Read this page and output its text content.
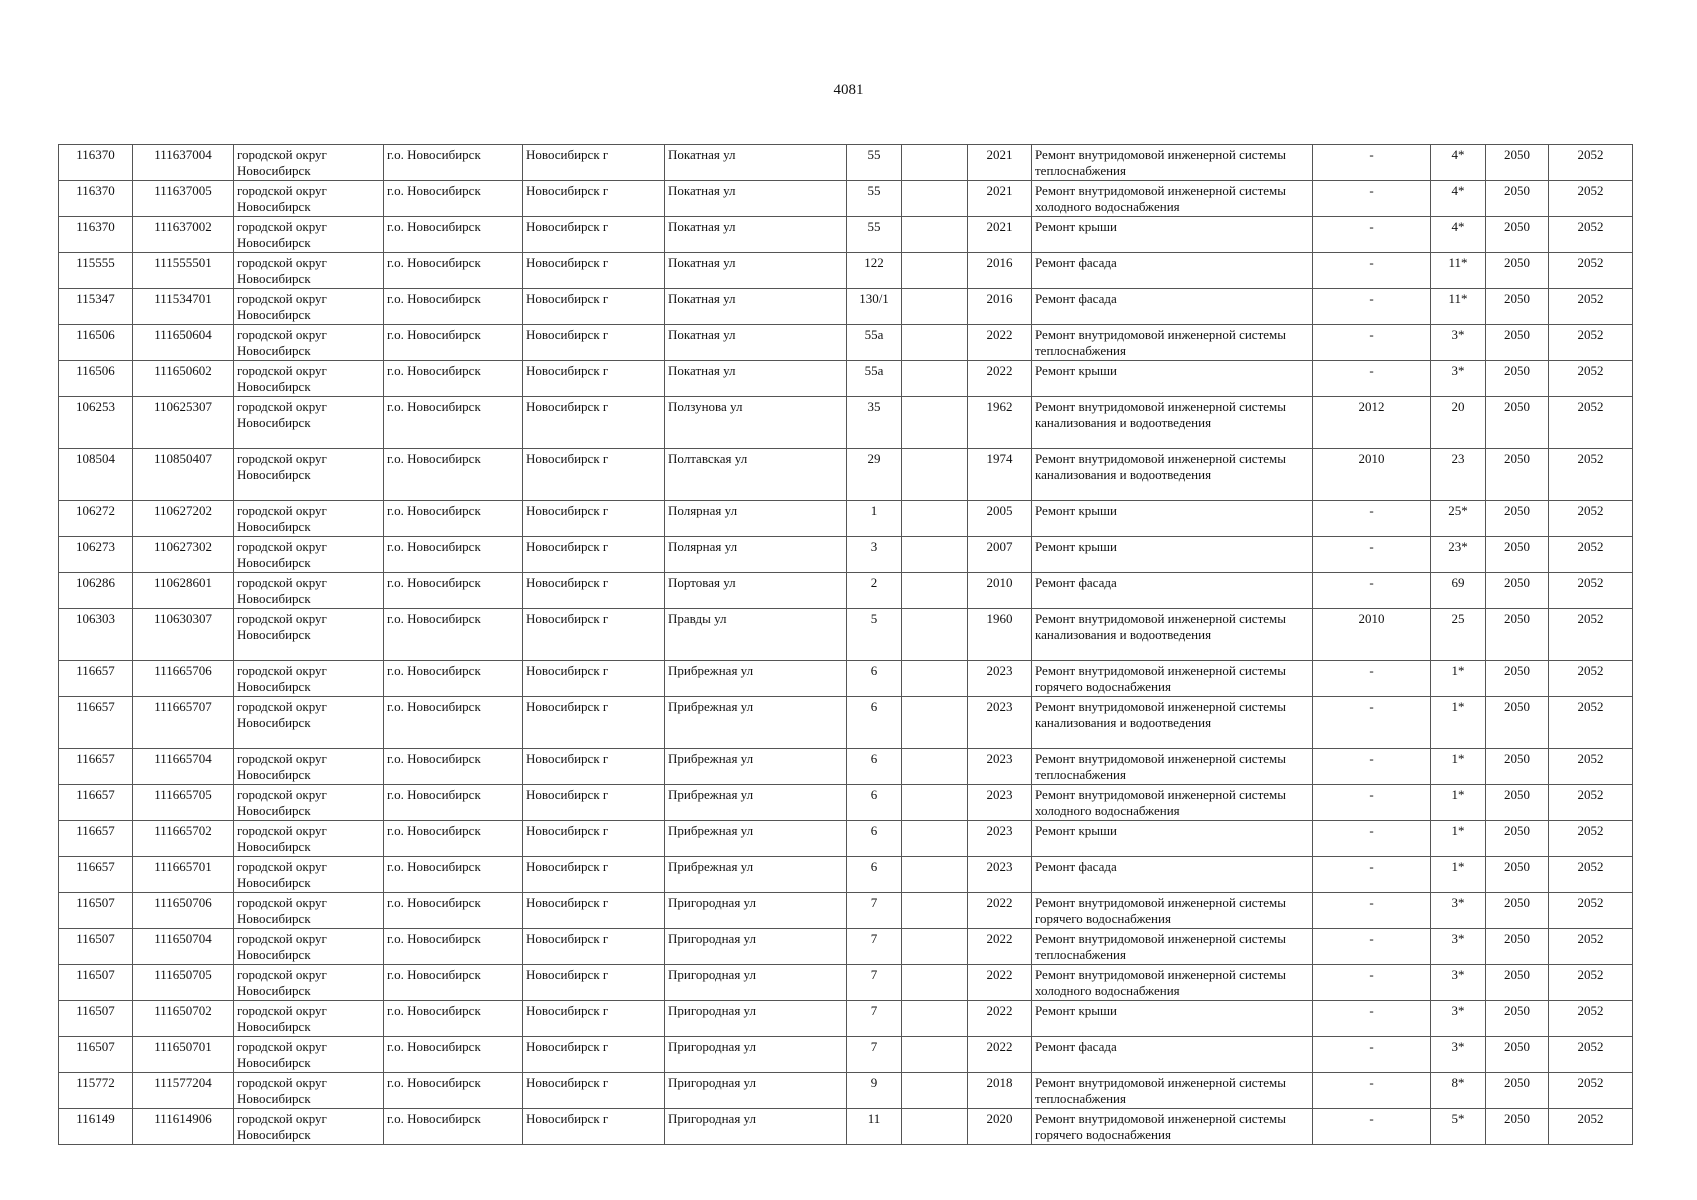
4081
116370	111637004	городской округ Новосибирск	г.о. Новосибирск	Новосибирск г	Покатная ул	55		2021	Ремонт внутридомовой инженерной системы теплоснабжения	-	4*	2050	2052
116370	111637005	городской округ Новосибирск	г.о. Новосибирск	Новосибирск г	Покатная ул	55		2021	Ремонт внутридомовой инженерной системы холодного водоснабжения	-	4*	2050	2052
116370	111637002	городской округ Новосибирск	г.о. Новосибирск	Новосибирск г	Покатная ул	55		2021	Ремонт крыши	-	4*	2050	2052
115555	111555501	городской округ Новосибирск	г.о. Новосибирск	Новосибирск г	Покатная ул	122		2016	Ремонт фасада	-	11*	2050	2052
115347	111534701	городской округ Новосибирск	г.о. Новосибирск	Новосибирск г	Покатная ул	130/1		2016	Ремонт фасада	-	11*	2050	2052
116506	111650604	городской округ Новосибирск	г.о. Новосибирск	Новосибирск г	Покатная ул	55а		2022	Ремонт внутридомовой инженерной системы теплоснабжения	-	3*	2050	2052
116506	111650602	городской округ Новосибирск	г.о. Новосибирск	Новосибирск г	Покатная ул	55а		2022	Ремонт крыши	-	3*	2050	2052
106253	110625307	городской округ Новосибирск	г.о. Новосибирск	Новосибирск г	Ползунова ул	35		1962	Ремонт внутридомовой инженерной системы канализования и водоотведения	2012	20	2050	2052
108504	110850407	городской округ Новосибирск	г.о. Новосибирск	Новосибирск г	Полтавская ул	29		1974	Ремонт внутридомовой инженерной системы канализования и водоотведения	2010	23	2050	2052
106272	110627202	городской округ Новосибирск	г.о. Новосибирск	Новосибирск г	Полярная ул	1		2005	Ремонт крыши	-	25*	2050	2052
106273	110627302	городской округ Новосибирск	г.о. Новосибирск	Новосибирск г	Полярная ул	3		2007	Ремонт крыши	-	23*	2050	2052
106286	110628601	городской округ Новосибирск	г.о. Новосибирск	Новосибирск г	Портовая ул	2		2010	Ремонт фасада	-	69	2050	2052
106303	110630307	городской округ Новосибирск	г.о. Новосибирск	Новосибирск г	Правды ул	5		1960	Ремонт внутридомовой инженерной системы канализования и водоотведения	2010	25	2050	2052
116657	111665706	городской округ Новосибирск	г.о. Новосибирск	Новосибирск г	Прибрежная ул	6		2023	Ремонт внутридомовой инженерной системы горячего водоснабжения	-	1*	2050	2052
116657	111665707	городской округ Новосибирск	г.о. Новосибирск	Новосибирск г	Прибрежная ул	6		2023	Ремонт внутридомовой инженерной системы канализования и водоотведения	-	1*	2050	2052
116657	111665704	городской округ Новосибирск	г.о. Новосибирск	Новосибирск г	Прибрежная ул	6		2023	Ремонт внутридомовой инженерной системы теплоснабжения	-	1*	2050	2052
116657	111665705	городской округ Новосибирск	г.о. Новосибирск	Новосибирск г	Прибрежная ул	6		2023	Ремонт внутридомовой инженерной системы холодного водоснабжения	-	1*	2050	2052
116657	111665702	городской округ Новосибирск	г.о. Новосибирск	Новосибирск г	Прибрежная ул	6		2023	Ремонт крыши	-	1*	2050	2052
116657	111665701	городской округ Новосибирск	г.о. Новосибирск	Новосибирск г	Прибрежная ул	6		2023	Ремонт фасада	-	1*	2050	2052
116507	111650706	городской округ Новосибирск	г.о. Новосибирск	Новосибирск г	Пригородная ул	7		2022	Ремонт внутридомовой инженерной системы горячего водоснабжения	-	3*	2050	2052
116507	111650704	городской округ Новосибирск	г.о. Новосибирск	Новосибирск г	Пригородная ул	7		2022	Ремонт внутридомовой инженерной системы теплоснабжения	-	3*	2050	2052
116507	111650705	городской округ Новосибирск	г.о. Новосибирск	Новосибирск г	Пригородная ул	7		2022	Ремонт внутридомовой инженерной системы холодного водоснабжения	-	3*	2050	2052
116507	111650702	городской округ Новосибирск	г.о. Новосибирск	Новосибирск г	Пригородная ул	7		2022	Ремонт крыши	-	3*	2050	2052
116507	111650701	городской округ Новосибирск	г.о. Новосибирск	Новосибирск г	Пригородная ул	7		2022	Ремонт фасада	-	3*	2050	2052
115772	111577204	городской округ Новосибирск	г.о. Новосибирск	Новосибирск г	Пригородная ул	9		2018	Ремонт внутридомовой инженерной системы теплоснабжения	-	8*	2050	2052
116149	111614906	городской округ Новосибирск	г.о. Новосибирск	Новосибирск г	Пригородная ул	11		2020	Ремонт внутридомовой инженерной системы горячего водоснабжения	-	5*	2050	2052
